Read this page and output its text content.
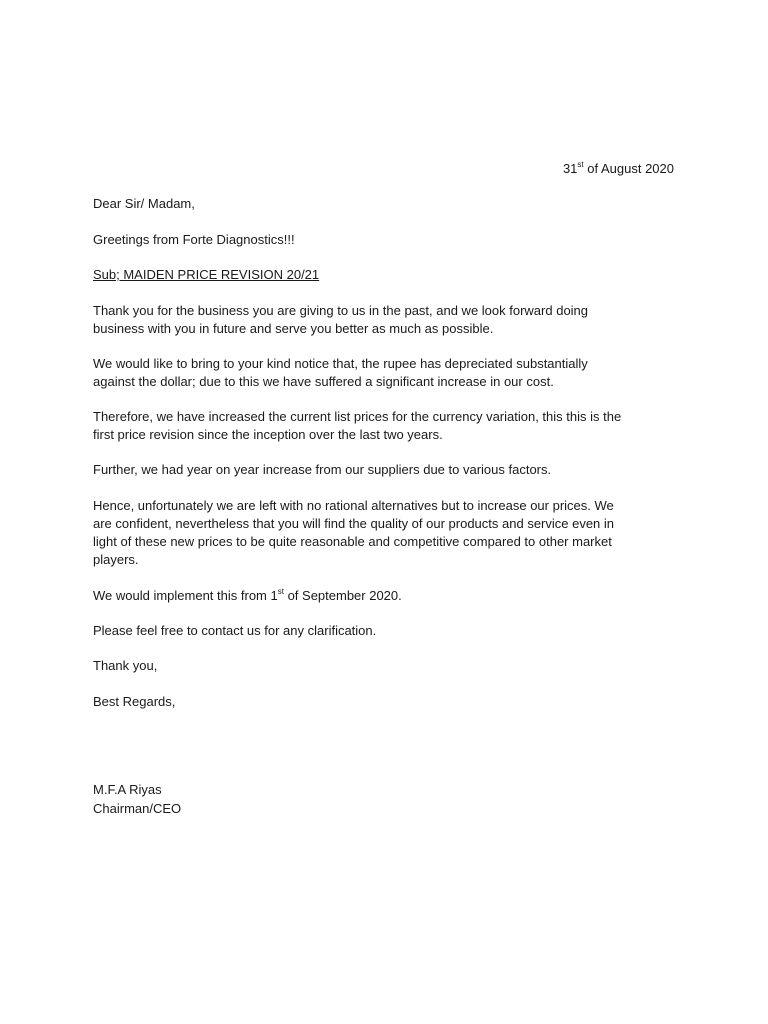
31st of August 2020
Dear Sir/ Madam,
Greetings from Forte Diagnostics!!!
Sub; MAIDEN PRICE REVISION 20/21
Thank you for the business you are giving to us in the past, and we look forward doing
business with you in future and serve you better as much as possible.
We would like to bring to your kind notice that, the rupee has depreciated substantially
against the dollar; due to this we have suffered a significant increase in our cost.
Therefore, we have increased the current list prices for the currency variation, this this is the
first price revision since the inception over the last two years.
Further, we had year on year increase from our suppliers due to various factors.
Hence, unfortunately we are left with no rational alternatives but to increase our prices. We
are confident, nevertheless that you will find the quality of our products and service even in
light of these new prices to be quite reasonable and competitive compared to other market
players.
We would implement this from 1st of September 2020.
Please feel free to contact us for any clarification.
Thank you,
Best Regards,
M.F.A Riyas
Chairman/CEO
